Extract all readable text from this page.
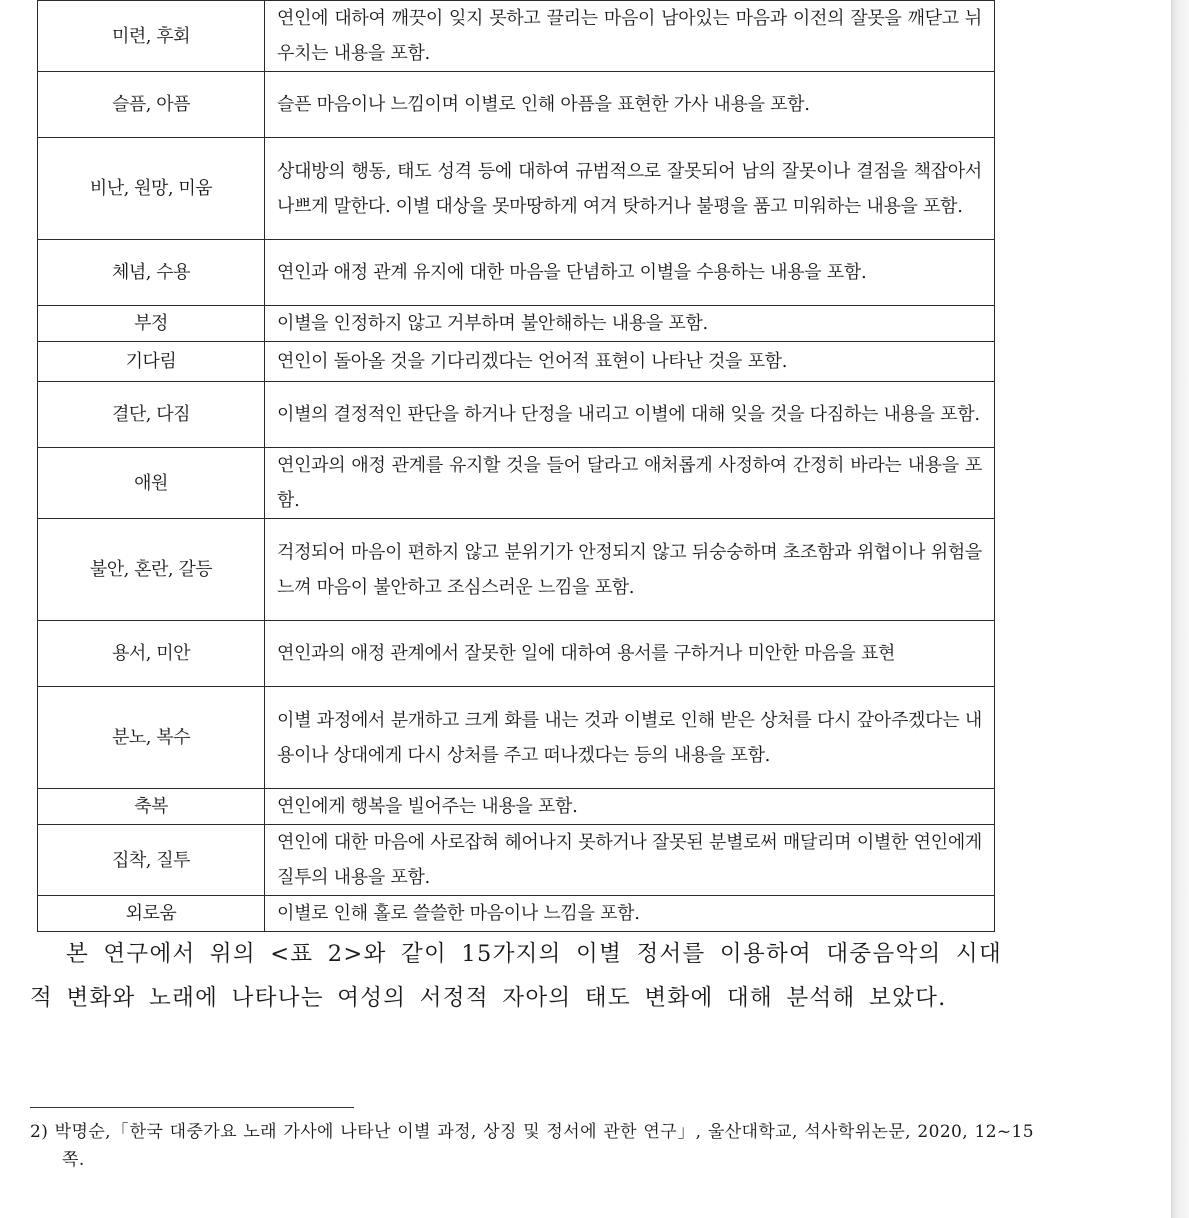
미련, 후회	연인에 대하여 깨끗이 잊지 못하고 끌리는 마음이 남아있는 마음과 이전의 잘못을 깨닫고 뉘우치는 내용을 포함.
슬픔, 아픔	슬픈 마음이나 느낌이며 이별로 인해 아픔을 표현한 가사 내용을 포함.
비난, 원망, 미움	상대방의 행동, 태도 성격 등에 대하여 규범적으로 잘못되어 남의 잘못이나 결점을 책잡아서 나쁘게 말한다. 이별 대상을 못마땅하게 여겨 탓하거나 불평을 품고 미워하는 내용을 포함.
체념, 수용	연인과 애정 관계 유지에 대한 마음을 단념하고 이별을 수용하는 내용을 포함.
부정	이별을 인정하지 않고 거부하며 불안해하는 내용을 포함.
기다림	연인이 돌아올 것을 기다리겠다는 언어적 표현이 나타난 것을 포함.
결단, 다짐	이별의 결정적인 판단을 하거나 단정을 내리고 이별에 대해 잊을 것을 다짐하는 내용을 포함.
애원	연인과의 애정 관계를 유지할 것을 들어 달라고 애처롭게 사정하여 간정히 바라는 내용을 포함.
불안, 혼란, 갈등	걱정되어 마음이 편하지 않고 분위기가 안정되지 않고 뒤숭숭하며 초조함과 위협이나 위험을 느껴 마음이 불안하고 조심스러운 느낌을 포함.
용서, 미안	연인과의 애정 관계에서 잘못한 일에 대하여 용서를 구하거나 미안한 마음을 표현
분노, 복수	이별 과정에서 분개하고 크게 화를 내는 것과 이별로 인해 받은 상처를 다시 갚아주겠다는 내용이나 상대에게 다시 상처를 주고 떠나겠다는 등의 내용을 포함.
축복	연인에게 행복을 빌어주는 내용을 포함.
집착, 질투	연인에 대한 마음에 사로잡혀 헤어나지 못하거나 잘못된 분별로써 매달리며 이별한 연인에게 질투의 내용을 포함.
외로움	이별로 인해 홀로 쓸쓸한 마음이나 느낌을 포함.

본 연구에서 위의 <표 2>와 같이 15가지의 이별 정서를 이용하여 대중음악의 시대적 변화와 노래에 나타나는 여성의 서정적 자아의 태도 변화에 대해 분석해 보았다.

2) 박명순,「한국 대중가요 노래 가사에 나타난 이별 과정, 상징 및 정서에 관한 연구」, 울산대학교, 석사학위논문, 2020, 12~15쪽.
